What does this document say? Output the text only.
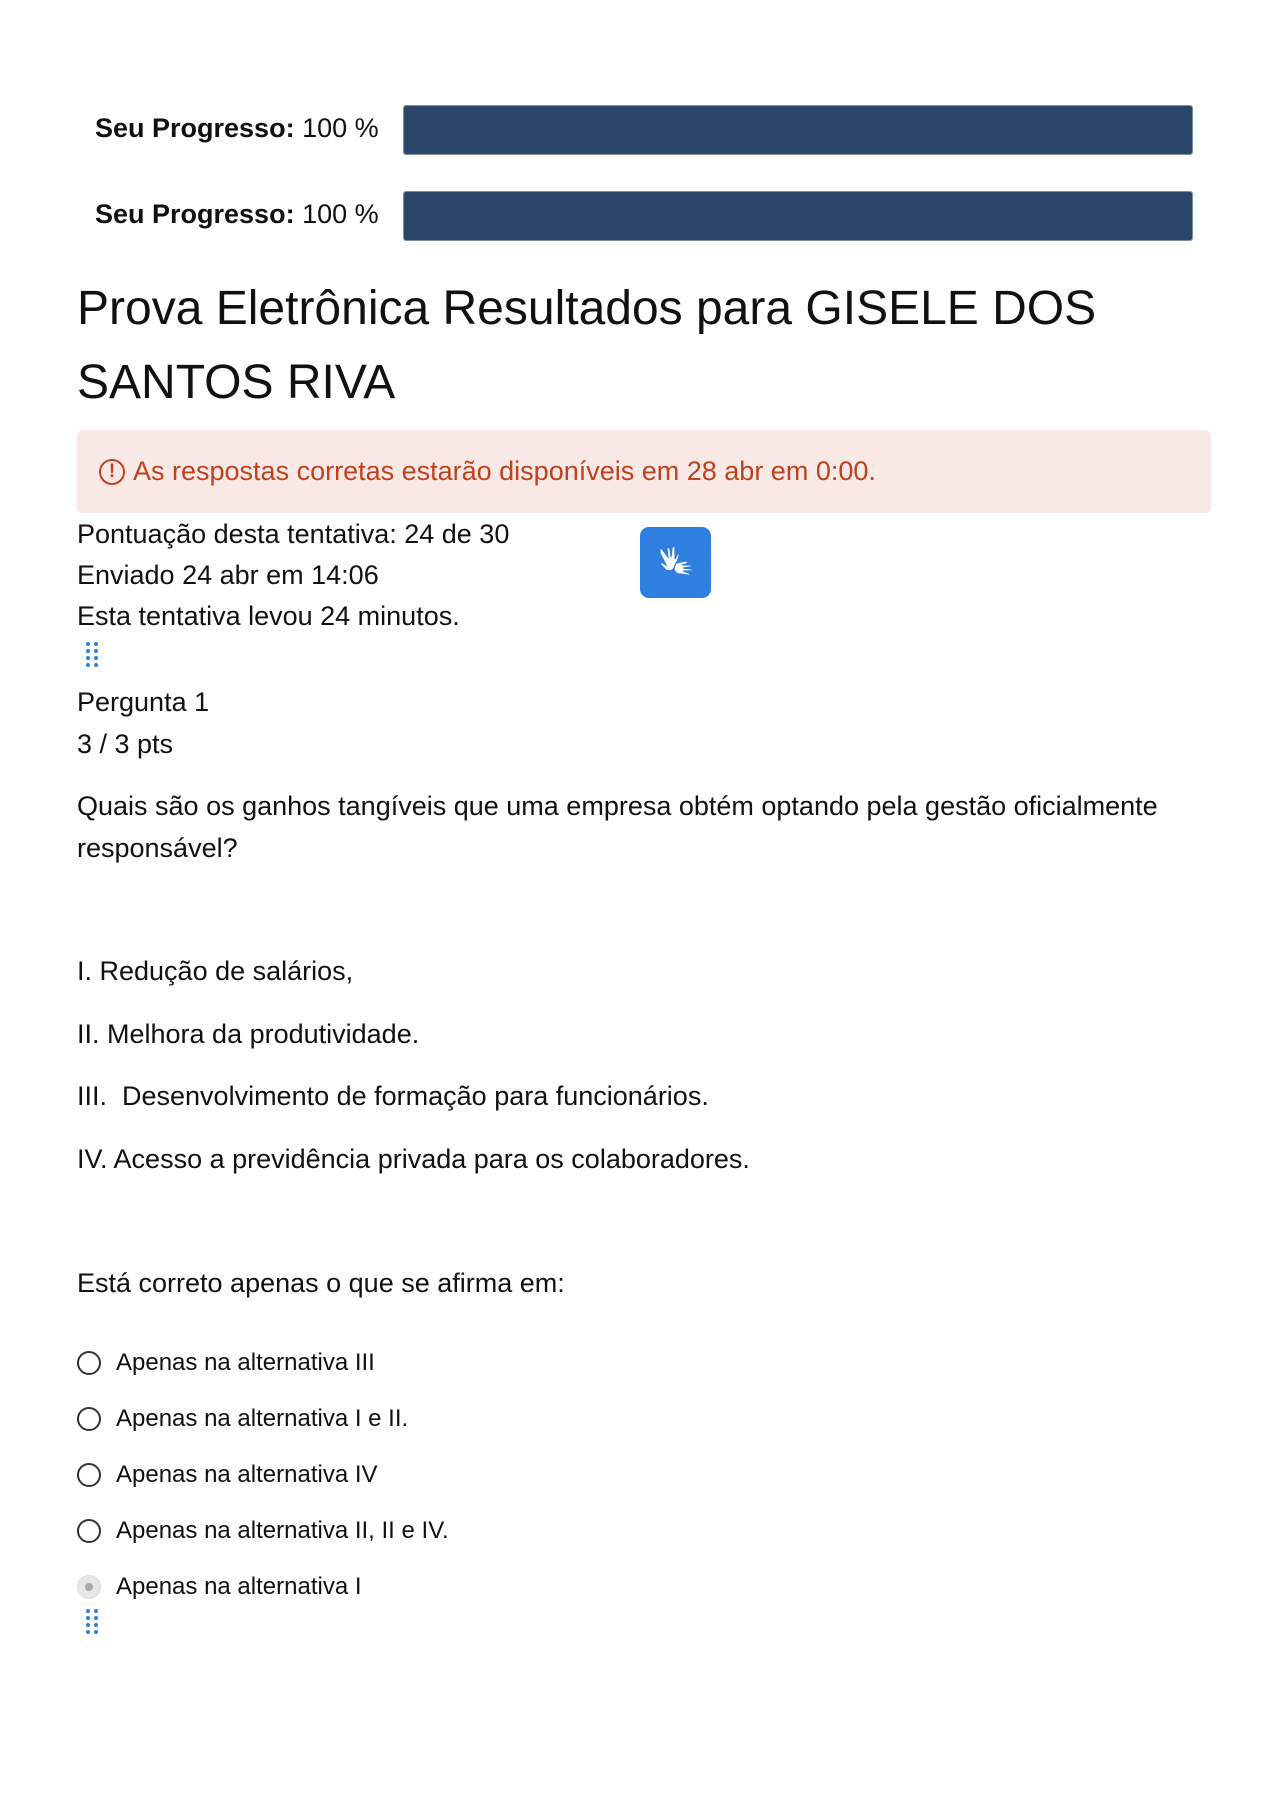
Seu Progresso: 100 %
Seu Progresso: 100 %
Prova Eletrônica Resultados para GISELE DOS SANTOS RIVA
! As respostas corretas estarão disponíveis em 28 abr em 0:00.
Pontuação desta tentativa: 24 de 30
Enviado 24 abr em 14:06
Esta tentativa levou 24 minutos.
Pergunta 1
3 / 3 pts
Quais são os ganhos tangíveis que uma empresa obtém optando pela gestão oficialmente responsável?
I. Redução de salários,
II. Melhora da produtividade.
III.  Desenvolvimento de formação para funcionários.
IV. Acesso a previdência privada para os colaboradores.
Está correto apenas o que se afirma em:
Apenas na alternativa III
Apenas na alternativa I e II.
Apenas na alternativa IV
Apenas na alternativa II, II e IV.
Apenas na alternativa I
